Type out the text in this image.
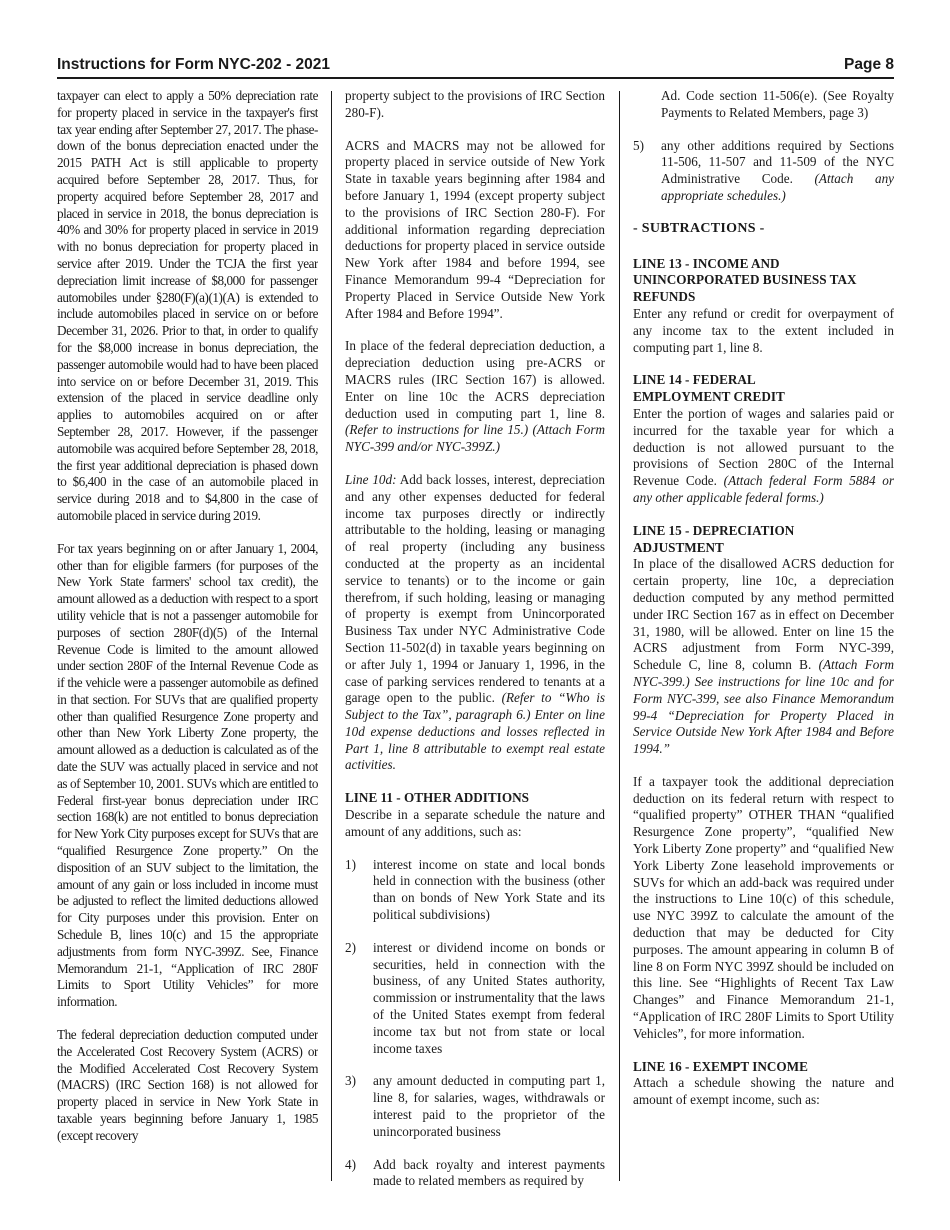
Instructions for Form NYC-202 - 2021	Page 8

taxpayer can elect to apply a 50% depreciation rate for property placed in service in the taxpayer's first tax year ending after September 27, 2017. The phase-down of the bonus depreciation enacted under the 2015 PATH Act is still applicable to property acquired before September 28, 2017. Thus, for property acquired before September 28, 2017 and placed in service in 2018, the bonus depreciation is 40% and 30% for property placed in service in 2019 with no bonus depreciation for property placed in service after 2019. Under the TCJA the first year depreciation limit increase of $8,000 for passenger automobiles under §280(F)(a)(1)(A) is extended to include automobiles placed in service on or before December 31, 2026. Prior to that, in order to qualify for the $8,000 increase in bonus depreciation, the passenger automobile would had to have been placed into service on or before December 31, 2019. This extension of the placed in service deadline only applies to automobiles acquired on or after September 28, 2017. However, if the passenger automobile was acquired before September 28, 2018, the first year additional depreciation is phased down to $6,400 in the case of an automobile placed in service during 2018 and to $4,800 in the case of automobile placed in service during 2019.

For tax years beginning on or after January 1, 2004, other than for eligible farmers (for purposes of the New York State farmers' school tax credit), the amount allowed as a deduction with respect to a sport utility vehicle that is not a passenger automobile for purposes of section 280F(d)(5) of the Internal Revenue Code is limited to the amount allowed under section 280F of the Internal Revenue Code as if the vehicle were a passenger automobile as defined in that section. For SUVs that are qualified property other than qualified Resurgence Zone property and other than New York Liberty Zone property, the amount allowed as a deduction is calculated as of the date the SUV was actually placed in service and not as of September 10, 2001. SUVs which are entitled to Federal first-year bonus depreciation under IRC section 168(k) are not entitled to bonus depreciation for New York City purposes except for SUVs that are “qualified Resurgence Zone property.” On the disposition of an SUV subject to the limitation, the amount of any gain or loss included in income must be adjusted to reflect the limited deductions allowed for City purposes under this provision. Enter on Schedule B, lines 10(c) and 15 the appropriate adjustments from form NYC-399Z. See, Finance Memorandum 21-1, “Application of IRC 280F Limits to Sport Utility Vehicles” for more information.

The federal depreciation deduction computed under the Accelerated Cost Recovery System (ACRS) or the Modified Accelerated Cost Recovery System (MACRS) (IRC Section 168) is not allowed for property placed in service in New York State in taxable years beginning before January 1, 1985 (except recovery

property subject to the provisions of IRC Section 280-F).

ACRS and MACRS may not be allowed for property placed in service outside of New York State in taxable years beginning after 1984 and before January 1, 1994 (except property subject to the provisions of IRC Section 280-F). For additional information regarding depreciation deductions for property placed in service outside New York after 1984 and before 1994, see Finance Memorandum 99-4 “Depreciation for Property Placed in Service Outside New York After 1984 and Before 1994”.

In place of the federal depreciation deduction, a depreciation deduction using pre-ACRS or MACRS rules (IRC Section 167) is allowed. Enter on line 10c the ACRS depreciation deduction used in computing part 1, line 8. (Refer to instructions for line 15.) (Attach Form NYC-399 and/or NYC-399Z.)

Line 10d: Add back losses, interest, depreciation and any other expenses deducted for federal income tax purposes directly or indirectly attributable to the holding, leasing or managing of real property (including any business conducted at the property as an incidental service to tenants) or to the income or gain therefrom, if such holding, leasing or managing of property is exempt from Unincorporated Business Tax under NYC Administrative Code Section 11-502(d) in taxable years beginning on or after July 1, 1994 or January 1, 1996, in the case of parking services rendered to tenants at a garage open to the public. (Refer to “Who is Subject to the Tax”, paragraph 6.) Enter on line 10d expense deductions and losses reflected in Part 1, line 8 attributable to exempt real estate activities.

LINE 11 - OTHER ADDITIONS

Describe in a separate schedule the nature and amount of any additions, such as:

1)	interest income on state and local bonds held in connection with the business (other than on bonds of New York State and its political subdivisions)
2)	interest or dividend income on bonds or securities, held in connection with the business, of any United States authority, commission or instrumentality that the laws of the United States exempt from federal income tax but not from state or local income taxes
3)	any amount deducted in computing part 1, line 8, for salaries, wages, withdrawals or interest paid to the proprietor of the unincorporated business
4)	Add back royalty and interest payments made to related members as required by
Ad. Code section 11-506(e). (See Royalty Payments to Related Members, page 3)
5)	any other additions required by Sections 11-506, 11-507 and 11-509 of the NYC Administrative Code. (Attach any appropriate schedules.)
- SUBTRACTIONS -
LINE 13 - INCOME AND
UNINCORPORATED BUSINESS TAX
REFUNDS

Enter any refund or credit for overpayment of any income tax to the extent included in computing part 1, line 8.

LINE 14 - FEDERAL
EMPLOYMENT CREDIT

Enter the portion of wages and salaries paid or incurred for the taxable year for which a deduction is not allowed pursuant to the provisions of Section 280C of the Internal Revenue Code. (Attach federal Form 5884 or any other applicable federal forms.)

LINE 15 - DEPRECIATION
ADJUSTMENT

In place of the disallowed ACRS deduction for certain property, line 10c, a depreciation deduction computed by any method permitted under IRC Section 167 as in effect on December 31, 1980, will be allowed. Enter on line 15 the ACRS adjustment from Form NYC-399, Schedule C, line 8, column B. (Attach Form NYC-399.) See instructions for line 10c and for Form NYC-399, see also Finance Memorandum 99-4 “Depreciation for Property Placed in Service Outside New York After 1984 and Before 1994.”

If a taxpayer took the additional depreciation deduction on its federal return with respect to “qualified property” OTHER THAN “qualified Resurgence Zone property”, “qualified New York Liberty Zone property” and “qualified New York Liberty Zone leasehold improvements or SUVs for which an add-back was required under the instructions to Line 10(c) of this schedule, use NYC 399Z to calculate the amount of the deduction that may be deducted for City purposes. The amount appearing in column B of line 8 on Form NYC 399Z should be included on this line. See “Highlights of Recent Tax Law Changes” and Finance Memorandum 21-1, “Application of IRC 280F Limits to Sport Utility Vehicles”, for more information.

LINE 16 - EXEMPT INCOME

Attach a schedule showing the nature and amount of exempt income, such as:
